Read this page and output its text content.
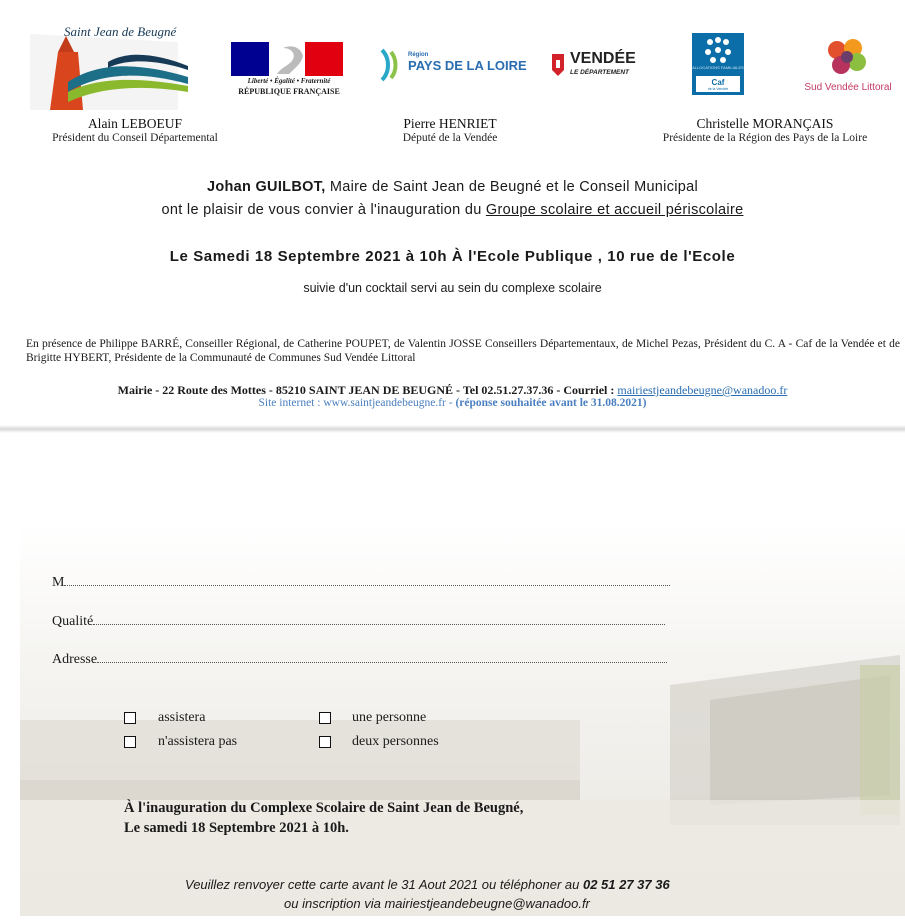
Saint Jean de Beugné
Liberté • Égalité • Fraternité
RÉPUBLIQUE FRANÇAISE
Région
PAYS DE LA LOIRE	VENDÉE
LE DÉPARTEMENT
ALLOCATIONS FAMILIALES
Caf
de la Vendée	Sud Vendée Littoral
Alain LEBOEUF
Président du Conseil Départemental
Pierre HENRIET
Député de la Vendée
Christelle MORANÇAIS
Présidente de la Région des Pays de la Loire
Johan GUILBOT, Maire de Saint Jean de Beugné et le Conseil Municipal
ont le plaisir de vous convier à l'inauguration du Groupe scolaire et accueil périscolaire
Le Samedi 18 Septembre 2021 à 10h À l'Ecole Publique , 10 rue de l'Ecole
suivie d'un cocktail servi au sein du complexe scolaire
En présence de Philippe BARRÉ, Conseiller Régional, de Catherine POUPET, de Valentin JOSSE Conseillers Départementaux, de Michel Pezas, Président du C. A - Caf de la Vendée et de Brigitte HYBERT, Présidente de la Communauté de Communes Sud Vendée Littoral
Mairie - 22 Route des Mottes - 85210 SAINT JEAN DE BEUGNÉ - Tel 02.51.27.37.36 - Courriel : mairiestjeandebeugne@wanadoo.fr
Site internet : www.saintjeandebeugne.fr - (réponse souhaitée avant le 31.08.2021)
M
Qualité
Adresse
assistera
n'assistera pas
une personne
deux personnes
À l'inauguration du Complexe Scolaire de Saint Jean de Beugné,
Le samedi 18 Septembre 2021 à 10h.
Veuillez renvoyer cette carte avant le 31 Aout 2021 ou téléphoner au 02 51 27 37 36
ou inscription via mairiestjeandebeugne@wanadoo.fr
